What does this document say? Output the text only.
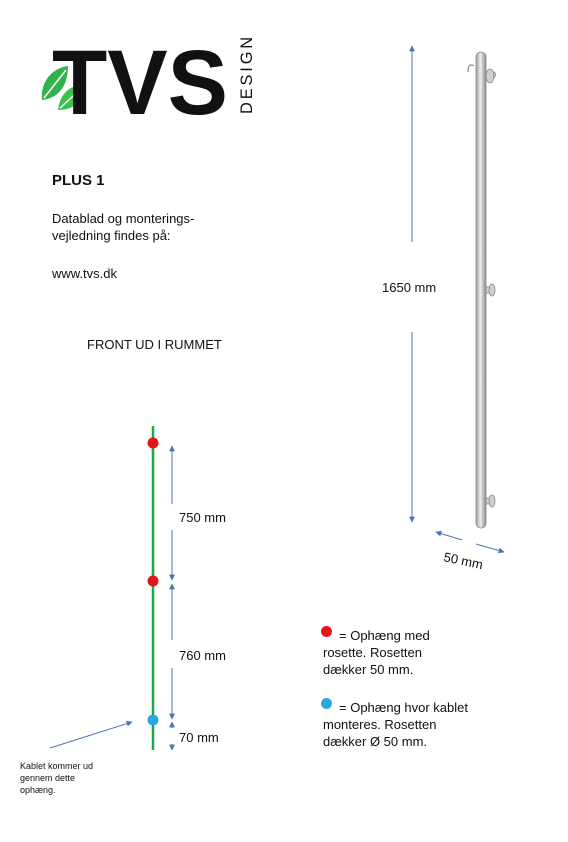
TVS DESIGN
PLUS 1
Datablad og monterings-
vejledning findes på:
www.tvs.dk
FRONT UD I RUMMET
1650 mm
50 mm
750 mm
760 mm
70 mm
Kablet kommer ud
gennem dette
ophæng.
= Ophæng med
rosette. Rosetten
dækker 50 mm.
= Ophæng hvor kablet
monteres. Rosetten
dækker Ø 50 mm.
